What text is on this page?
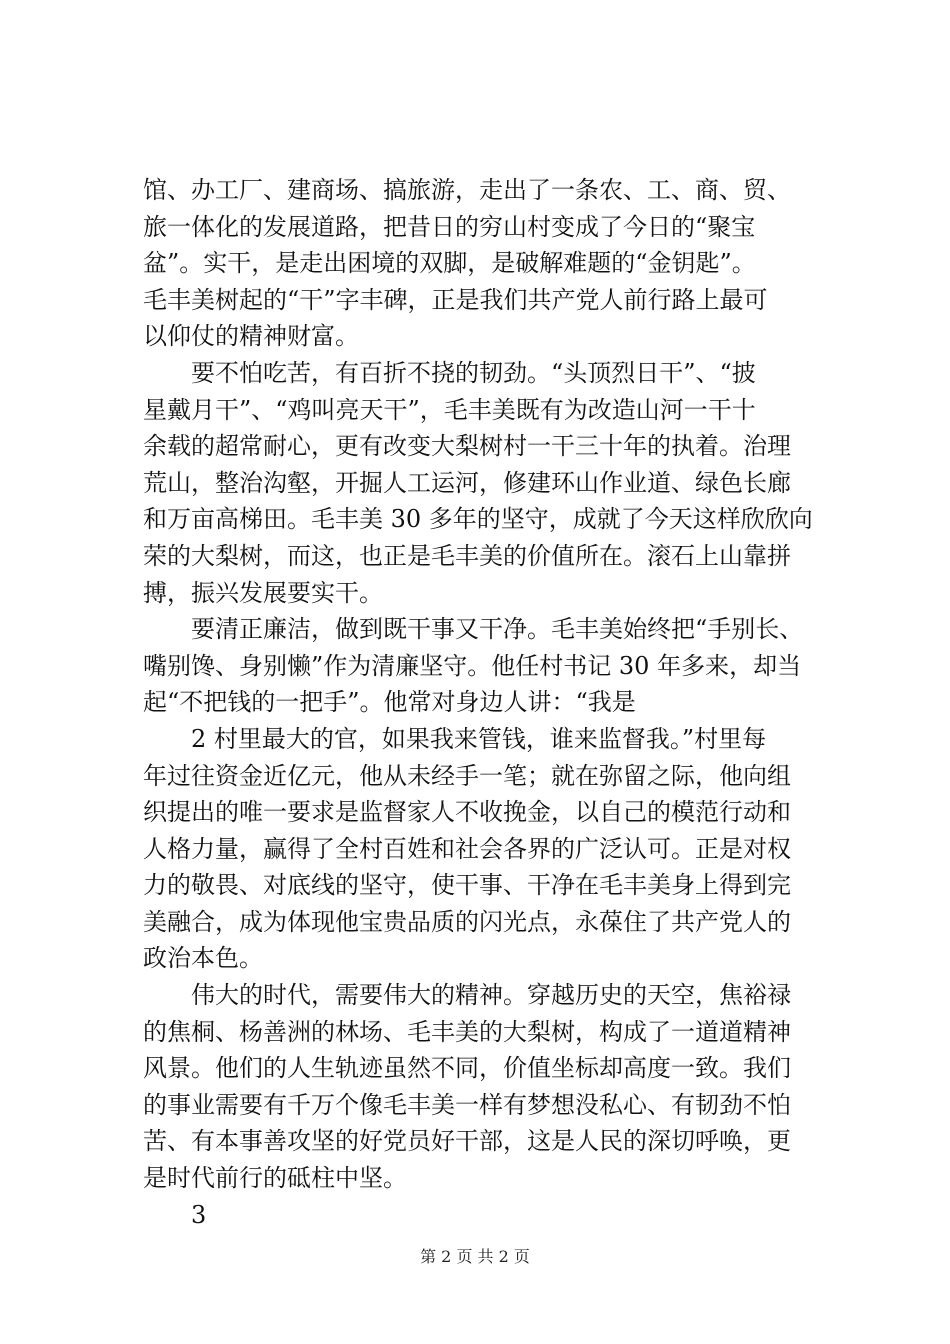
馆、办工厂、建商场、搞旅游，走出了一条农、工、商、贸、
旅一体化的发展道路，把昔日的穷山村变成了今日的“聚宝
盆”。实干，是走出困境的双脚，是破解难题的“金钥匙”。
毛丰美树起的“干”字丰碑，正是我们共产党人前行路上最可
以仰仗的精神财富。
　　要不怕吃苦，有百折不挠的韧劲。“头顶烈日干”、“披
星戴月干”、“鸡叫亮天干”，毛丰美既有为改造山河一干十
余载的超常耐心，更有改变大梨树村一干三十年的执着。治理
荒山，整治沟壑，开掘人工运河，修建环山作业道、绿色长廊
和万亩高梯田。毛丰美 30 多年的坚守，成就了今天这样欣欣向
荣的大梨树，而这，也正是毛丰美的价值所在。滚石上山靠拼
搏，振兴发展要实干。
　　要清正廉洁，做到既干事又干净。毛丰美始终把“手别长、
嘴别馋、身别懒”作为清廉坚守。他任村书记 30 年多来，却当
起“不把钱的一把手”。他常对身边人讲：“我是
　　2 村里最大的官，如果我来管钱，谁来监督我。”村里每
年过往资金近亿元，他从未经手一笔；就在弥留之际，他向组
织提出的唯一要求是监督家人不收挽金，以自己的模范行动和
人格力量，赢得了全村百姓和社会各界的广泛认可。正是对权
力的敬畏、对底线的坚守，使干事、干净在毛丰美身上得到完
美融合，成为体现他宝贵品质的闪光点，永葆住了共产党人的
政治本色。
　　伟大的时代，需要伟大的精神。穿越历史的天空，焦裕禄
的焦桐、杨善洲的林场、毛丰美的大梨树，构成了一道道精神
风景。他们的人生轨迹虽然不同，价值坐标却高度一致。我们
的事业需要有千万个像毛丰美一样有梦想没私心、有韧劲不怕
苦、有本事善攻坚的好党员好干部，这是人民的深切呼唤，更
是时代前行的砥柱中坚。
　　3
第 2 页 共 2 页
